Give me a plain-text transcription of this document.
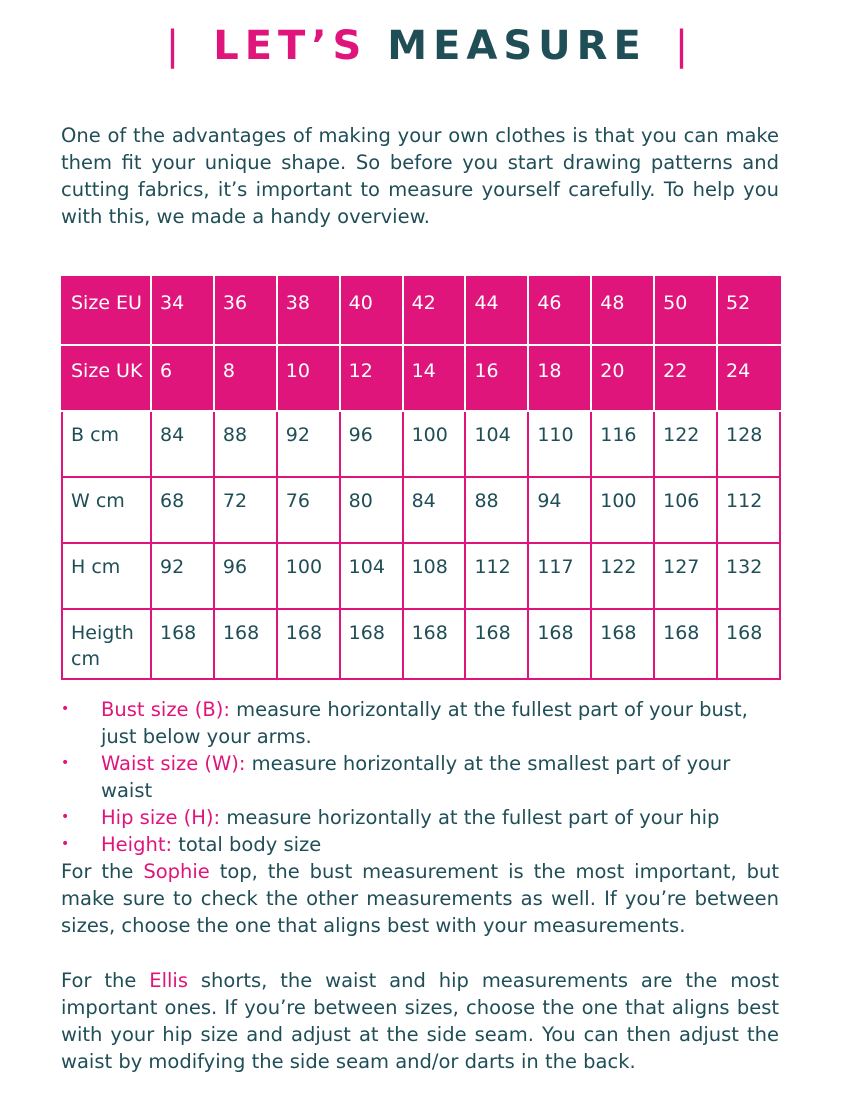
| LET’S MEASURE |

One of the advantages of making your own clothes is that you can make them fit your unique shape. So before you start drawing patterns and cutting fabrics, it’s important to measure yourself carefully. To help you with this, we made a handy overview.

Size EU	34	36	38	40	42	44	46	48	50	52

Size UK	6	8	10	12	14	16	18	20	22	24

B cm	84	88	92	96	100	104	110	116	122	128

W cm	68	72	76	80	84	88	94	100	106	112

H cm	92	96	100	104	108	112	117	122	127	132

Heigth cm	168	168	168	168	168	168	168	168	168	168
• Bust size (B): measure horizontally at the fullest part of your bust, just below your arms.
• Waist size (W): measure horizontally at the smallest part of your waist
• Hip size (H): measure horizontally at the fullest part of your hip
• Height: total body size

For the Sophie top, the bust measurement is the most important, but make sure to check the other measurements as well. If you’re between sizes, choose the one that aligns best with your measurements.

For the Ellis shorts, the waist and hip measurements are the most important ones. If you’re between sizes, choose the one that aligns best with your hip size and adjust at the side seam. You can then adjust the waist by modifying the side seam and/or darts in the back.
